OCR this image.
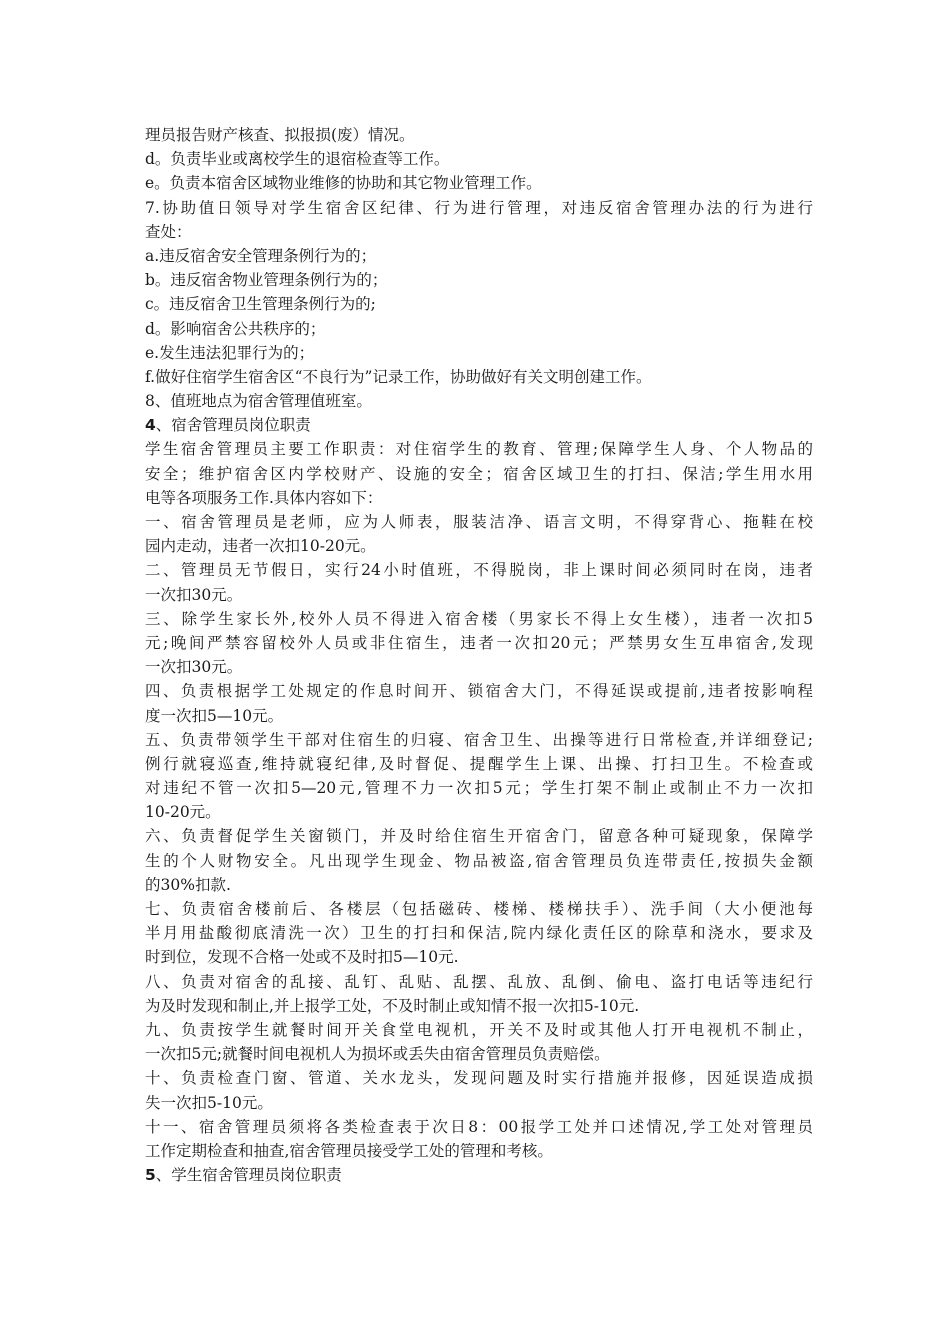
理员报告财产核查、拟报损(废）情况。
d。负责毕业或离校学生的退宿检查等工作。
e。负责本宿舍区域物业维修的协助和其它物业管理工作。
7.协助值日领导对学生宿舍区纪律、行为进行管理，对违反宿舍管理办法的行为进行
查处：
a.违反宿舍安全管理条例行为的；
b。违反宿舍物业管理条例行为的；
c。违反宿舍卫生管理条例行为的;
d。影响宿舍公共秩序的；
e.发生违法犯罪行为的；
f.做好住宿学生宿舍区“不良行为”记录工作，协助做好有关文明创建工作。
8、值班地点为宿舍管理值班室。
4、宿舍管理员岗位职责
学生宿舍管理员主要工作职责：对住宿学生的教育、管理;保障学生人身、个人物品的
安全；维护宿舍区内学校财产、设施的安全；宿舍区域卫生的打扫、保洁;学生用水用
电等各项服务工作.具体内容如下：
一、宿舍管理员是老师，应为人师表，服装洁净、语言文明，不得穿背心、拖鞋在校
园内走动，违者一次扣10-20元。
二、管理员无节假日，实行24小时值班，不得脱岗，非上课时间必须同时在岗，违者
一次扣30元。
三、除学生家长外,校外人员不得进入宿舍楼（男家长不得上女生楼），违者一次扣5
元;晚间严禁容留校外人员或非住宿生，违者一次扣20元；严禁男女生互串宿舍,发现
一次扣30元。
四、负责根据学工处规定的作息时间开、锁宿舍大门，不得延误或提前,违者按影响程
度一次扣5—10元。
五、负责带领学生干部对住宿生的归寝、宿舍卫生、出操等进行日常检查,并详细登记;
例行就寝巡查,维持就寝纪律,及时督促、提醒学生上课、出操、打扫卫生。不检查或
对违纪不管一次扣5—20元,管理不力一次扣5元；学生打架不制止或制止不力一次扣
10-20元。
六、负责督促学生关窗锁门，并及时给住宿生开宿舍门，留意各种可疑现象，保障学
生的个人财物安全。凡出现学生现金、物品被盗,宿舍管理员负连带责任,按损失金额
的30%扣款.
七、负责宿舍楼前后、各楼层（包括磁砖、楼梯、楼梯扶手）、洗手间（大小便池每
半月用盐酸彻底清洗一次）卫生的打扫和保洁,院内绿化责任区的除草和浇水，要求及
时到位，发现不合格一处或不及时扣5—10元.
八、负责对宿舍的乱接、乱钉、乱贴、乱摆、乱放、乱倒、偷电、盗打电话等违纪行
为及时发现和制止,并上报学工处，不及时制止或知情不报一次扣5-10元.
九、负责按学生就餐时间开关食堂电视机，开关不及时或其他人打开电视机不制止，
一次扣5元;就餐时间电视机人为损坏或丢失由宿舍管理员负责赔偿。
十、负责检查门窗、管道、关水龙头，发现问题及时实行措施并报修，因延误造成损
失一次扣5-10元。
十一、宿舍管理员须将各类检查表于次日8：00报学工处并口述情况,学工处对管理员
工作定期检查和抽查,宿舍管理员接受学工处的管理和考核。
5、学生宿舍管理员岗位职责
